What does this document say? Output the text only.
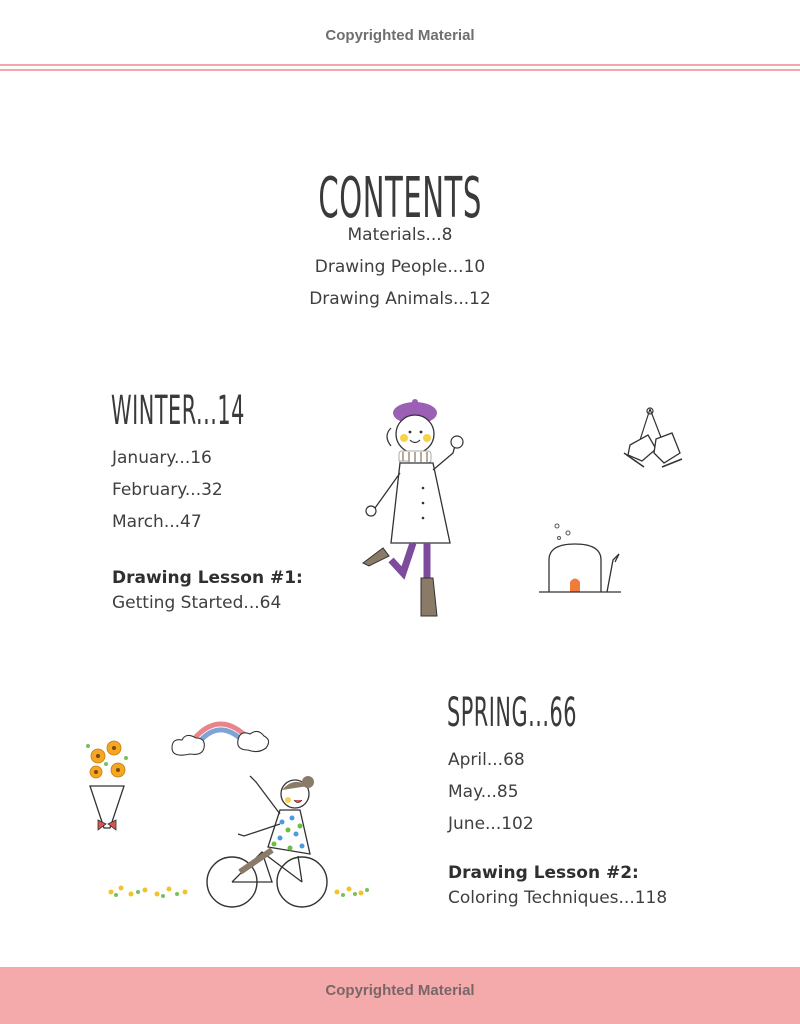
Copyrighted Material
CONTENTS
Materials...8
Drawing People...10
Drawing Animals...12
WINTER...14
January...16
February...32
March...47
Drawing Lesson #1:
Getting Started...64
SPRING...66
April...68
May...85
June...102
Drawing Lesson #2:
Coloring Techniques...118
Copyrighted Material
